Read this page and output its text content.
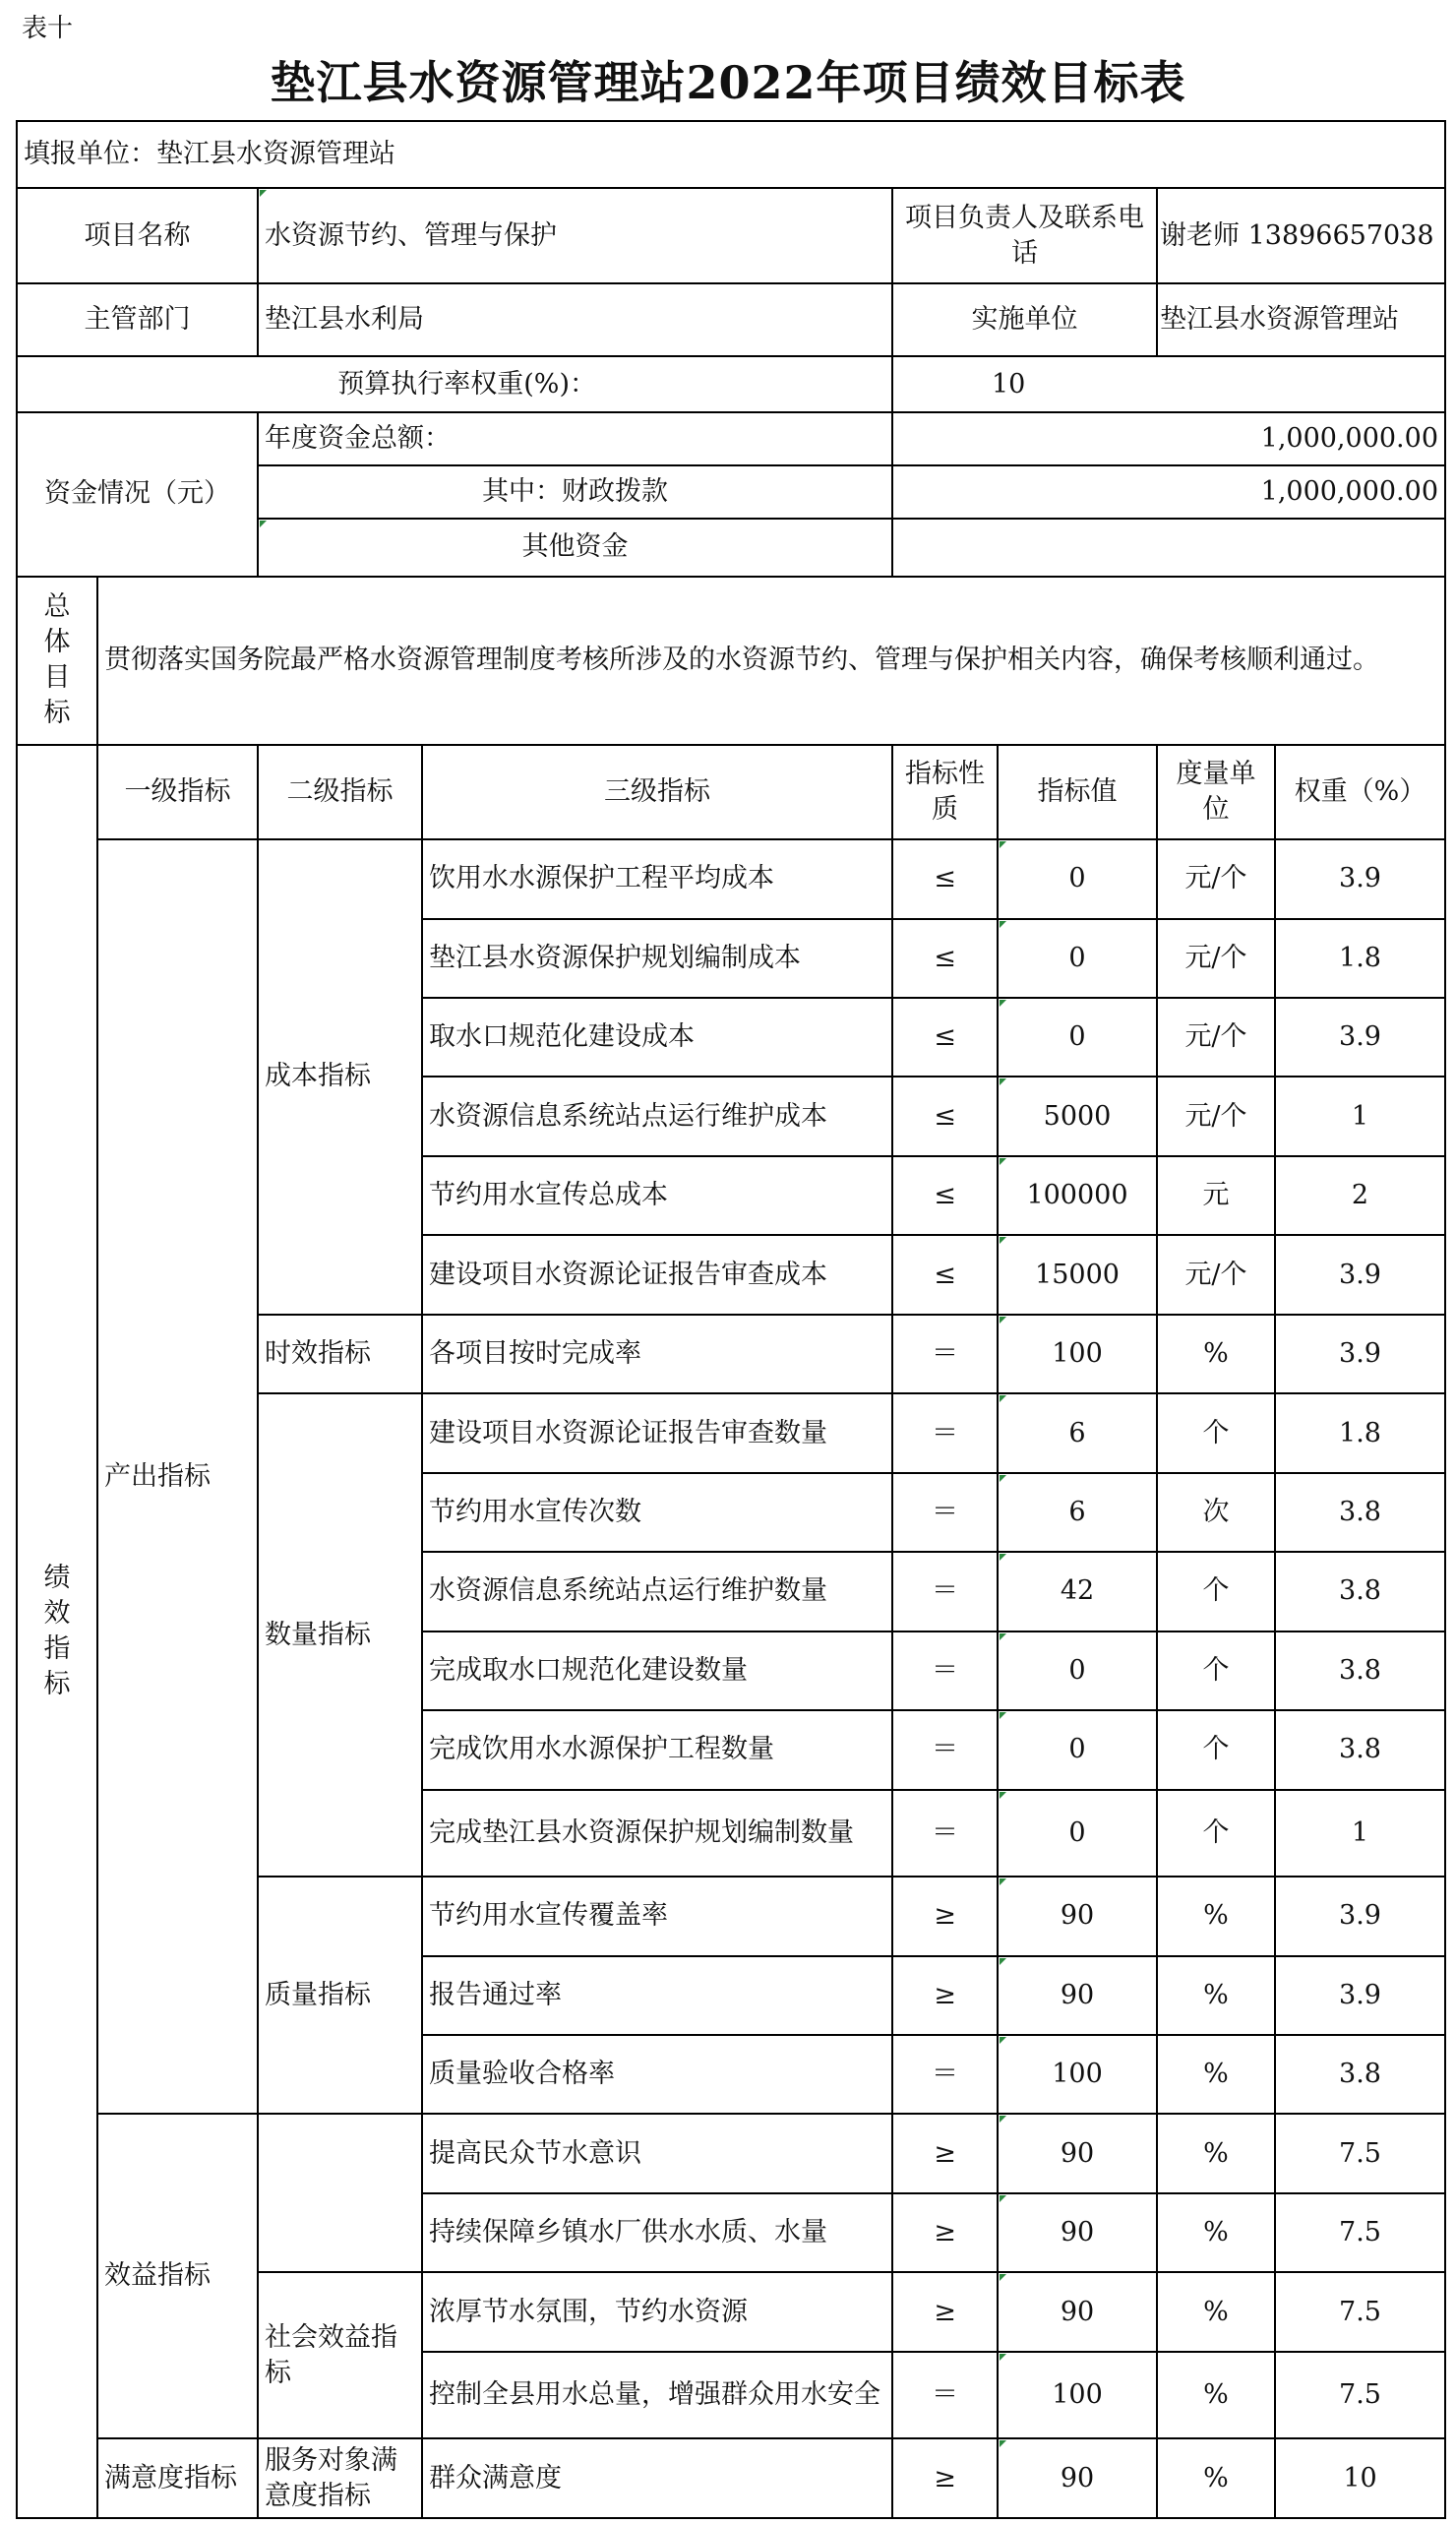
表十
垫江县水资源管理站2022年项目绩效目标表
填报单位：垫江县水资源管理站							
项目名称		水资源节约、管理与保护		项目负责人及联系电话		谢老师 13896657038	
主管部门		垫江县水利局		实施单位		垫江县水资源管理站	
预算执行率权重(%)：				10			
资金情况（元）		年度资金总额：		1,000,000.00			
		其中：财政拨款		1,000,000.00			
		其他资金					
总体目标	贯彻落实国务院最严格水资源管理制度考核所涉及的水资源节约、管理与保护相关内容，确保考核顺利通过。						
绩效指标	一级指标	二级指标	三级指标	指标性质	指标值	度量单位	权重（%）
	产出指标	成本指标	饮用水水源保护工程平均成本	≤	0	元/个	3.9
			垫江县水资源保护规划编制成本	≤	0	元/个	1.8
			取水口规范化建设成本	≤	0	元/个	3.9
			水资源信息系统站点运行维护成本	≤	5000	元/个	1
			节约用水宣传总成本	≤	100000	元	2
			建设项目水资源论证报告审查成本	≤	15000	元/个	3.9
		时效指标	各项目按时完成率	＝	100	%	3.9
		数量指标	建设项目水资源论证报告审查数量	＝	6	个	1.8
			节约用水宣传次数	＝	6	次	3.8
			水资源信息系统站点运行维护数量	＝	42	个	3.8
			完成取水口规范化建设数量	＝	0	个	3.8
			完成饮用水水源保护工程数量	＝	0	个	3.8
			完成垫江县水资源保护规划编制数量	＝	0	个	1
		质量指标	节约用水宣传覆盖率	≥	90	%	3.9
			报告通过率	≥	90	%	3.9
			质量验收合格率	＝	100	%	3.8
	效益指标		提高民众节水意识	≥	90	%	7.5
			持续保障乡镇水厂供水水质、水量	≥	90	%	7.5
		社会效益指标	浓厚节水氛围，节约水资源	≥	90	%	7.5
			控制全县用水总量，增强群众用水安全	＝	100	%	7.5
	满意度指标	服务对象满意度指标	群众满意度	≥	90	%	10
